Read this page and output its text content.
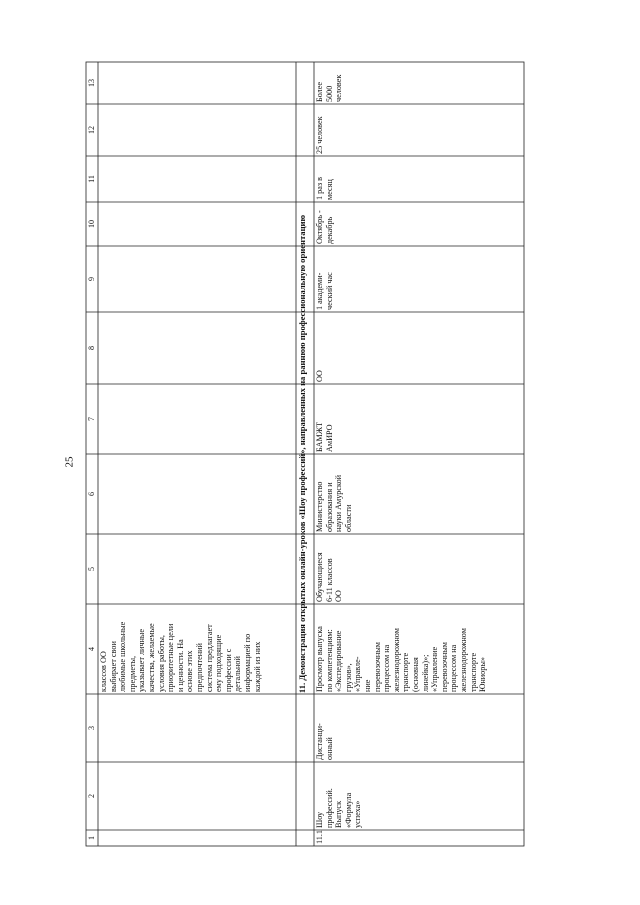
25
1
2
3
4
5
6
7
8
9
10
11
12
13
классов ОО
выбирает свои
любимые школьные
предметы,
указывает личные
качества, желаемые
условия работы,
приоритетные цели
и ценности. На
основе этих
предпочтений
система предлагает
ему подходящие
профессии с
детальной
информацией по
каждой из них	11. Демонстрация открытых онлайн-уроков «Шоу профессий», направленных на раннюю профессиональную ориентацию
11.1
Шоу
профессий.
Выпуск
«Формула
успеха»
Дистанци-
онный
Просмотр выпуска
по компетенциям:
«Экспедирование
грузов»,
«Управле-
ние
перевозочным
процессом на
железнодорожном
транспорте
(основная
линейка)»;
«Управление
перевозочным
процессом на
железнодорожном
транспорте
Юниоры»
Обучающиеся
6-11 классов
ОО
Министерство
образования и
науки Амурской
области
БАМЖТ
АмИРО
ОО
1 академи-
ческий час
Октябрь -
декабрь
1 раз в
месяц
25 человек
Более
5000
человек
